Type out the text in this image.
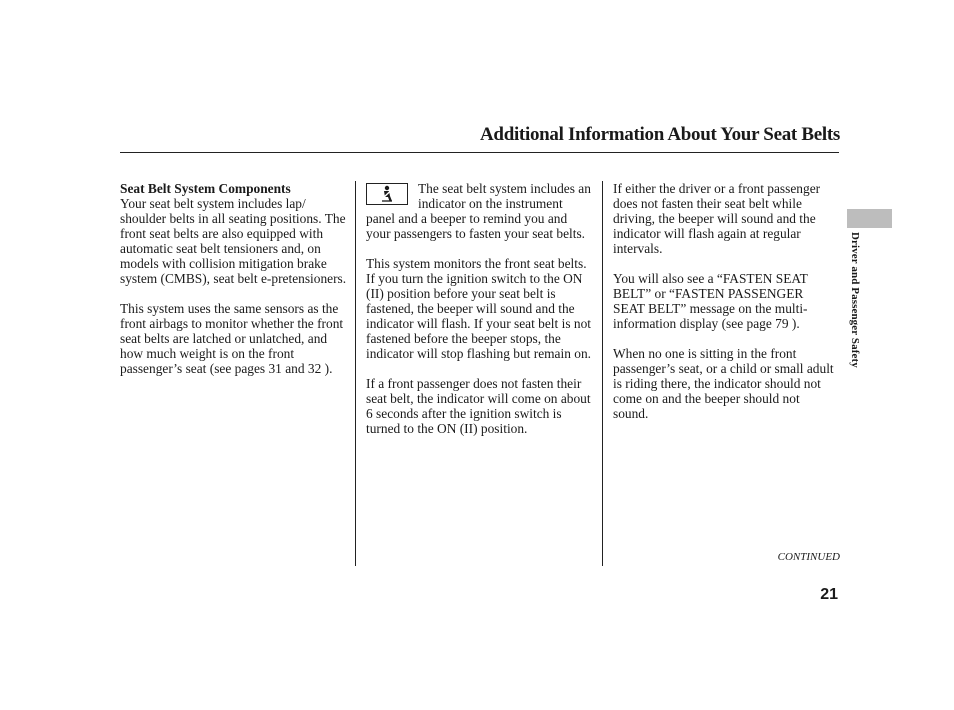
Additional Information About Your Seat Belts
Seat Belt System Components

Your seat belt system includes lap/ shoulder belts in all seating positions. The front seat belts are also equipped with automatic seat belt tensioners and, on models with collision mitigation brake system (CMBS), seat belt e-pretensioners.

This system uses the same sensors as the front airbags to monitor whether the front seat belts are latched or unlatched, and how much weight is on the front passenger’s seat (see pages 31 and 32 ).

The seat belt system includes an indicator on the instrument panel and a beeper to remind you and your passengers to fasten your seat belts.

This system monitors the front seat belts. If you turn the ignition switch to the ON (II) position before your seat belt is fastened, the beeper will sound and the indicator will flash. If your seat belt is not fastened before the beeper stops, the indicator will stop flashing but remain on.

If a front passenger does not fasten their seat belt, the indicator will come on about 6 seconds after the ignition switch is turned to the ON (II) position.

If either the driver or a front passenger does not fasten their seat belt while driving, the beeper will sound and the indicator will flash again at regular intervals.

You will also see a “FASTEN SEAT BELT” or “FASTEN PASSENGER SEAT BELT” message on the multi-information display (see page 79 ).

When no one is sitting in the front passenger’s seat, or a child or small adult is riding there, the indicator should not come on and the beeper should not sound.

Driver and Passenger Safety
CONTINUED
21
